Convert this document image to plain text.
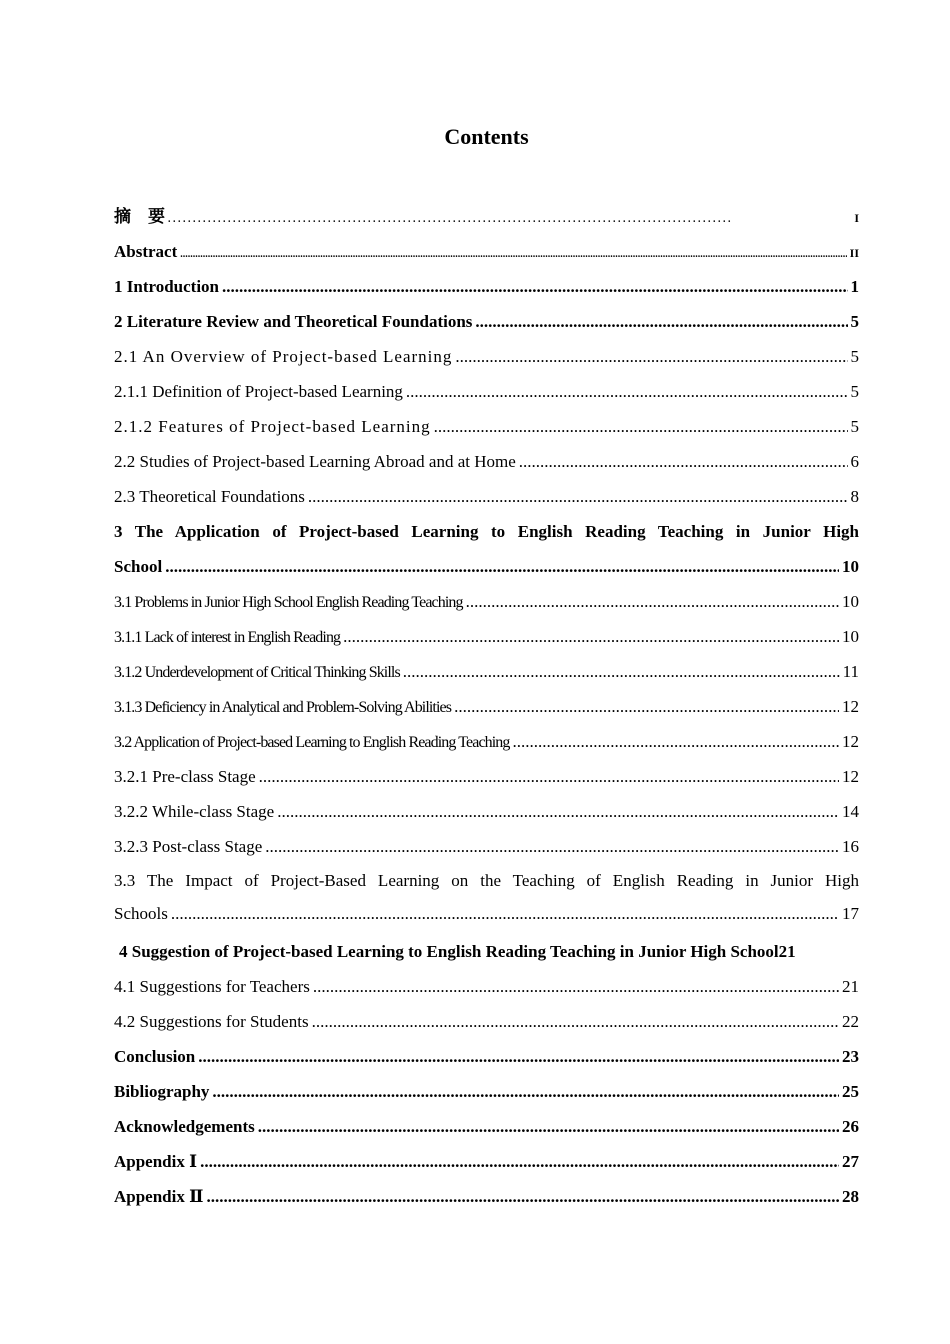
Contents
摘　要 . . .	I
Abstract .....	II
1 Introduction .....	1
2 Literature Review and Theoretical Foundations .....	5
2.1 An Overview of Project-based Learning .....	5
2.1.1 Definition of Project-based Learning .....	5
2.1.2 Features of Project-based Learning .....	5
2.2 Studies of Project-based Learning Abroad and at Home .....	6
2.3 Theoretical Foundations .....	8
3 The Application of Project-based Learning to English Reading Teaching in Junior High
School .....	10
3.1 Problems in Junior High School English Reading Teaching .....	10
3.1.1 Lack of interest in English Reading .....	10
3.1.2 Underdevelopment of Critical Thinking Skills .....	11
3.1.3 Deficiency in Analytical and Problem-Solving Abilities .....	12
3.2 Application of Project-based Learning to English Reading Teaching .....	12
3.2.1 Pre-class Stage .....	12
3.2.2 While-class Stage .....	14
3.2.3 Post-class Stage .....	16
3.3 The Impact of Project-Based Learning on the Teaching of English Reading in Junior High
Schools .....	17
4 Suggestion of Project-based Learning to English Reading Teaching in Junior High School21
4.1 Suggestions for Teachers .....	21
4.2 Suggestions for Students .....	22
Conclusion .....	23
Bibliography .....	25
Acknowledgements .....	26
Appendix Ⅰ .....	27
Appendix Ⅱ .....	28
